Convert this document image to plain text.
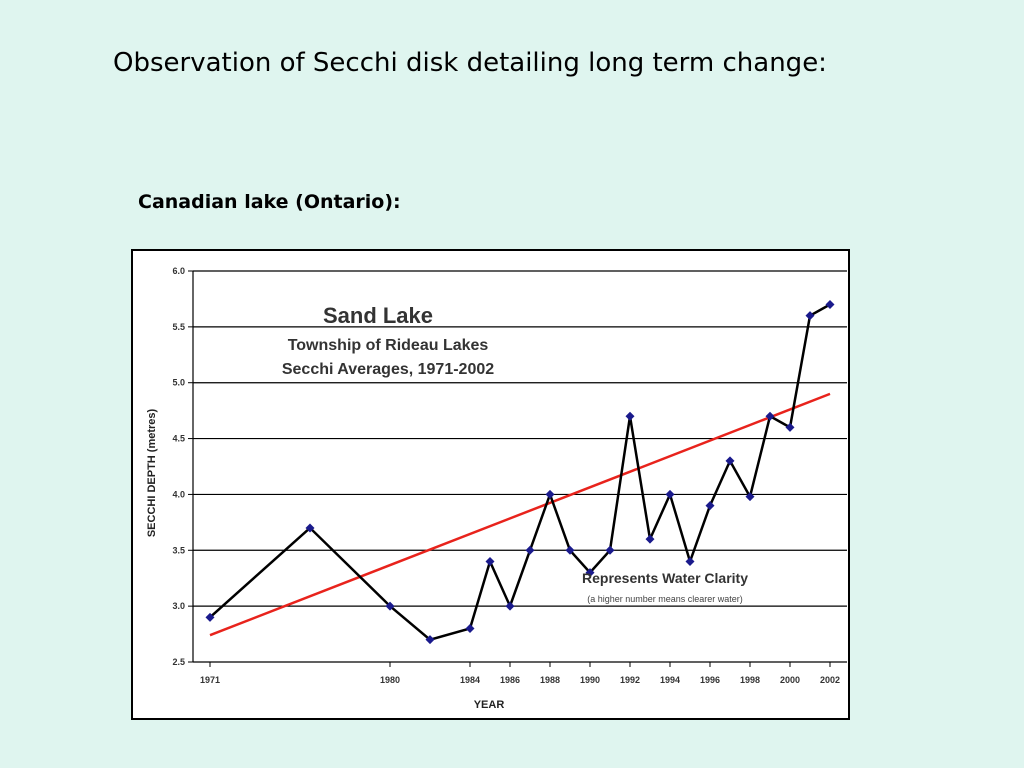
Observation of Secchi disk detailing long term change:
Canadian lake (Ontario):
2.5
3.0
3.5
4.0
4.5
5.0
5.5
6.0
1971	1980	1984 1986 1988 1990 1992 1994 1996 1998 2000 2002
Sand Lake
Township of Rideau Lakes
Secchi Averages, 1971-2002
Represents Water Clarity
(a higher number means clearer water)
YEAR
SECCHI DEPTH (metres)
